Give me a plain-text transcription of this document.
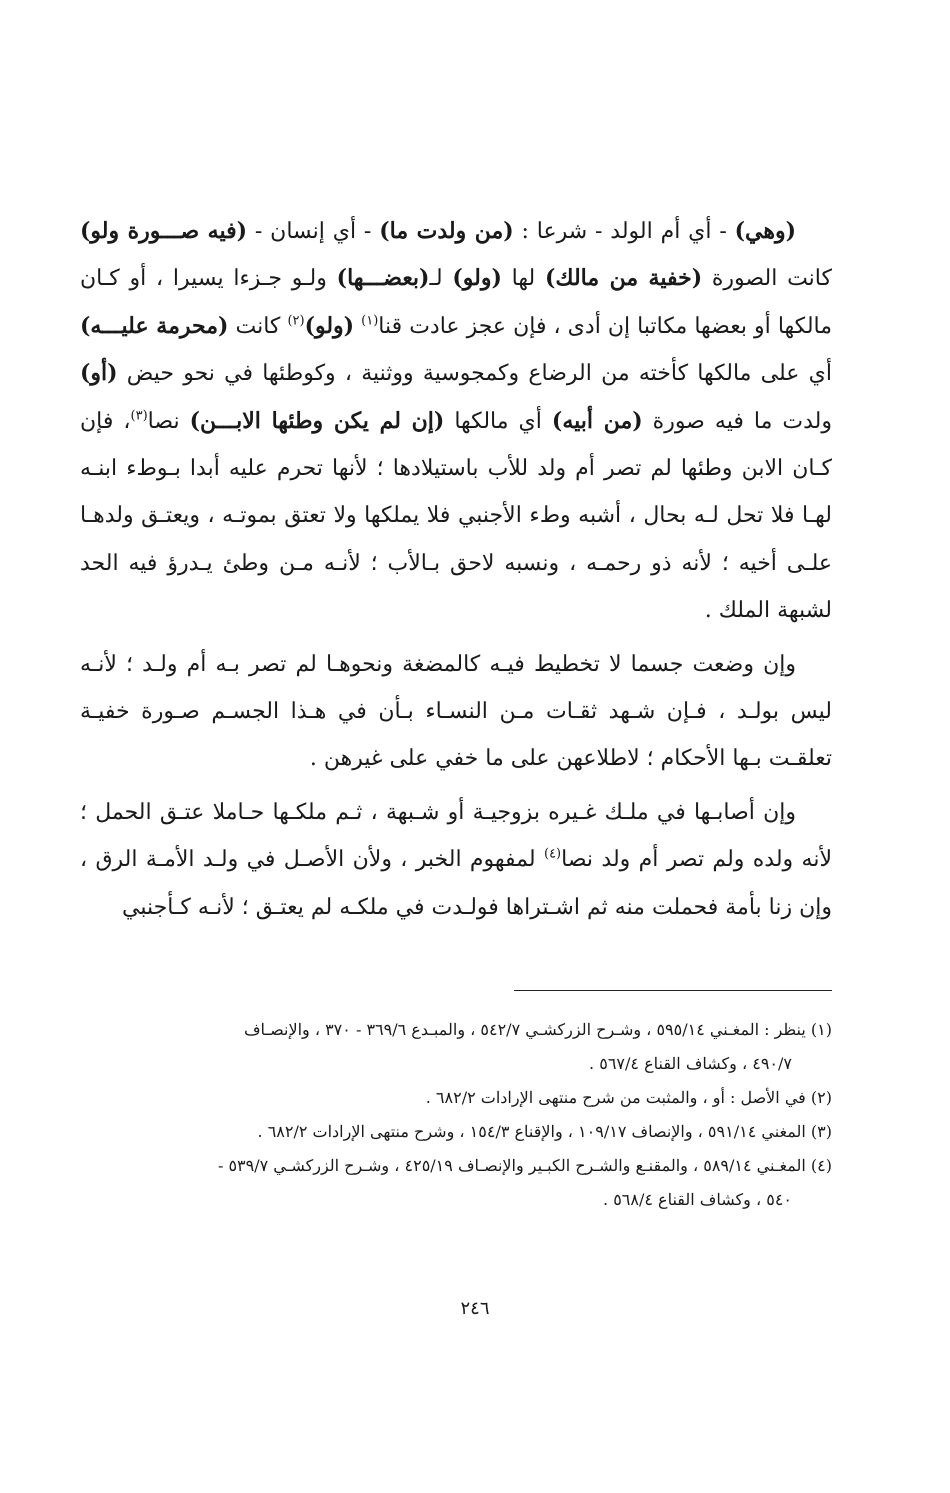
(وهي) - أي أم الولد - شرعا : (من ولدت ما) - أي إنسان - (فيه صـــورة ولو) كانت الصورة (خفية من مالك) لها (ولو) لـ(بعضـــها) ولـو جـزءا يسيرا ، أو كـان مالكها أو بعضها مكاتبا إن أدى ، فإن عجز عادت قنا$^{(١)}$ (ولو)$^{(٢)}$ كانت (محرمة عليـــه) أي على مالكها كأخته من الرضاع وكمجوسية ووثنية ، وكوطئها في نحو حيض (أو) ولدت ما فيه صورة (من أبيه) أي مالكها (إن لم يكن وطئها الابـــن) نصا$^{(٣)}$، فإن كـان الابن وطئها لم تصر أم ولد للأب باستيلادها ؛ لأنها تحرم عليه أبدا بـوطء ابنـه لهـا فلا تحل لـه بحال ، أشبه وطء الأجنبي فلا يملكها ولا تعتق بموتـه ، ويعتـق ولدهـا علـى أخيه ؛ لأنه ذو رحمـه ، ونسبه لاحق بـالأب ؛ لأنـه مـن وطئ يـدرؤ فيه الحد لشبهة الملك .

وإن وضعت جسما لا تخطيط فيـه كالمضغة ونحوهـا لم تصر بـه أم ولـد ؛ لأنـه ليس بولـد ، فـإن شـهد ثقـات مـن النسـاء بـأن في هـذا الجسـم صـورة خفيـة تعلقـت بـها الأحكام ؛ لاطلاعهن على ما خفي على غيرهن .

وإن أصابـها في ملـك غـيره بزوجيـة أو شـبهة ، ثـم ملكـها حـاملا عتـق الحمل ؛ لأنه ولده ولم تصر أم ولد نصا$^{(٤)}$ لمفهوم الخبر ، ولأن الأصـل في ولـد الأمـة الرق ، وإن زنا بأمة فحملت منه ثم اشـتراها فولـدت في ملكـه لم يعتـق ؛ لأنـه كـأجنبي

(١) ينظر : المغـني ٥٩٥/١٤ ، وشـرح الزركشـي ٥٤٢/٧ ، والمبـدع ٣٦٩/٦ - ٣٧٠ ، والإنصـاف
٤٩٠/٧ ، وكشاف القناع ٥٦٧/٤ .

(٢) في الأصل : أو ، والمثبت من شرح منتهى الإرادات ٦٨٢/٢ .

(٣) المغني ٥٩١/١٤ ، والإنصاف ١٠٩/١٧ ، والإقناع ١٥٤/٣ ، وشرح منتهى الإرادات ٦٨٢/٢ .

(٤) المغـني ٥٨٩/١٤ ، والمقنـع والشـرح الكبـير والإنصـاف ٤٢٥/١٩ ، وشـرح الزركشـي ٥٣٩/٧ -
٥٤٠ ، وكشاف القناع ٥٦٨/٤ .

٢٤٦
